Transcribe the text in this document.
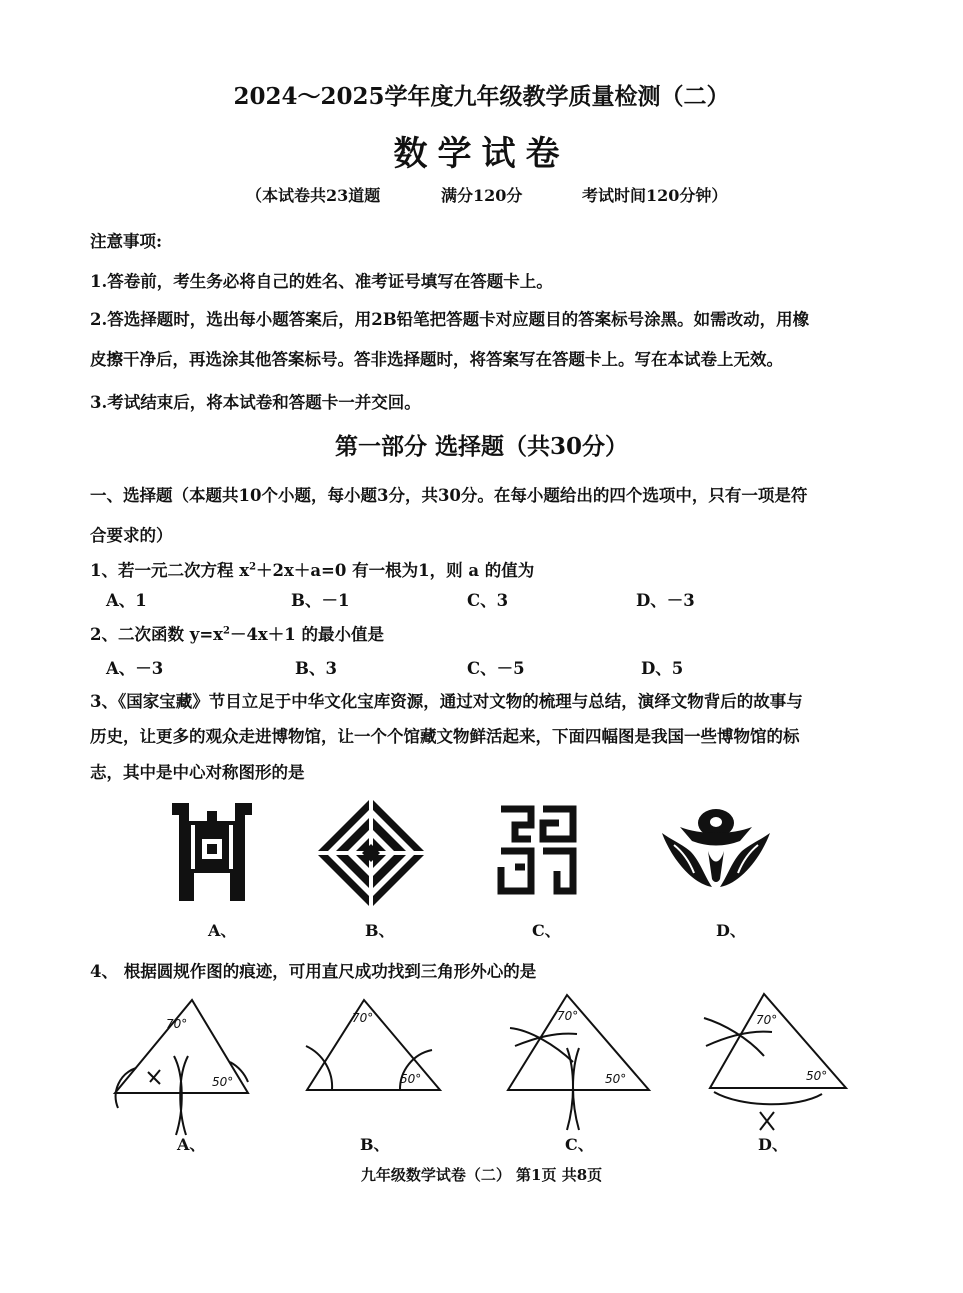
2024～2025学年度九年级教学质量检测（二）
数学试卷
（本试卷共23道题	满分120分	考试时间120分钟）
注意事项:
1.答卷前，考生务必将自己的姓名、准考证号填写在答题卡上。
2.答选择题时，选出每小题答案后，用2B铅笔把答题卡对应题目的答案标号涂黑。如需改动，用橡
皮擦干净后，再选涂其他答案标号。答非选择题时，将答案写在答题卡上。写在本试卷上无效。
3.考试结束后，将本试卷和答题卡一并交回。
第一部分 选择题（共30分）
一、选择题（本题共10个小题，每小题3分，共30分。在每小题给出的四个选项中，只有一项是符
合要求的）
1、若一元二次方程 $x^2+2x+a=0$ 有一根为1，则 a 的值为
A、1	B、－1	C、3	D、－3
2、二次函数 $y=x^2-4x+1$ 的最小值是
A、－3	B、3	C、－5	D、5
3、《国家宝藏》节目立足于中华文化宝库资源，通过对文物的梳理与总结，演绎文物背后的故事与
历史，让更多的观众走进博物馆，让一个个馆藏文物鲜活起来，下面四幅图是我国一些博物馆的标
志，其中是中心对称图形的是
A、	B、	C、	D、
4、 根据圆规作图的痕迹，可用直尺成功找到三角形外心的是
70°
50°
A、
70°
50°
B、
70°
50°
C、
70°
50°
D、
九年级数学试卷（二） 第1页 共8页
